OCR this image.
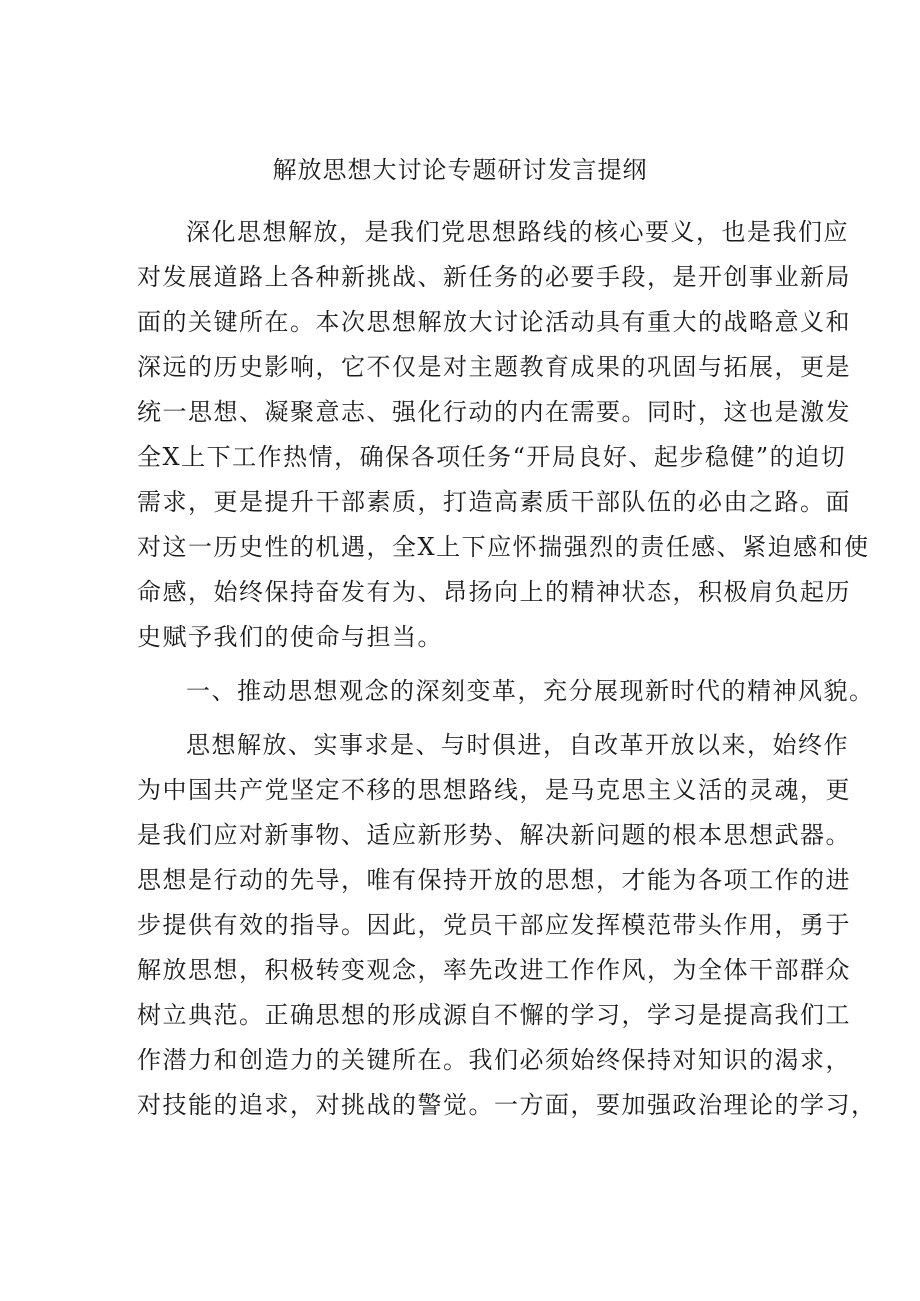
解放思想大讨论专题研讨发言提纲
深化思想解放，是我们党思想路线的核心要义，也是我们应
对发展道路上各种新挑战、新任务的必要手段，是开创事业新局
面的关键所在。本次思想解放大讨论活动具有重大的战略意义和
深远的历史影响，它不仅是对主题教育成果的巩固与拓展，更是
统一思想、凝聚意志、强化行动的内在需要。同时，这也是激发
全X上下工作热情，确保各项任务“开局良好、起步稳健”的迫切
需求，更是提升干部素质，打造高素质干部队伍的必由之路。面
对这一历史性的机遇，全X上下应怀揣强烈的责任感、紧迫感和使
命感，始终保持奋发有为、昂扬向上的精神状态，积极肩负起历
史赋予我们的使命与担当。
一、推动思想观念的深刻变革，充分展现新时代的精神风貌。
思想解放、实事求是、与时俱进，自改革开放以来，始终作
为中国共产党坚定不移的思想路线，是马克思主义活的灵魂，更
是我们应对新事物、适应新形势、解决新问题的根本思想武器。
思想是行动的先导，唯有保持开放的思想，才能为各项工作的进
步提供有效的指导。因此，党员干部应发挥模范带头作用，勇于
解放思想，积极转变观念，率先改进工作作风，为全体干部群众
树立典范。正确思想的形成源自不懈的学习，学习是提高我们工
作潜力和创造力的关键所在。我们必须始终保持对知识的渴求，
对技能的追求，对挑战的警觉。一方面，要加强政治理论的学习，
